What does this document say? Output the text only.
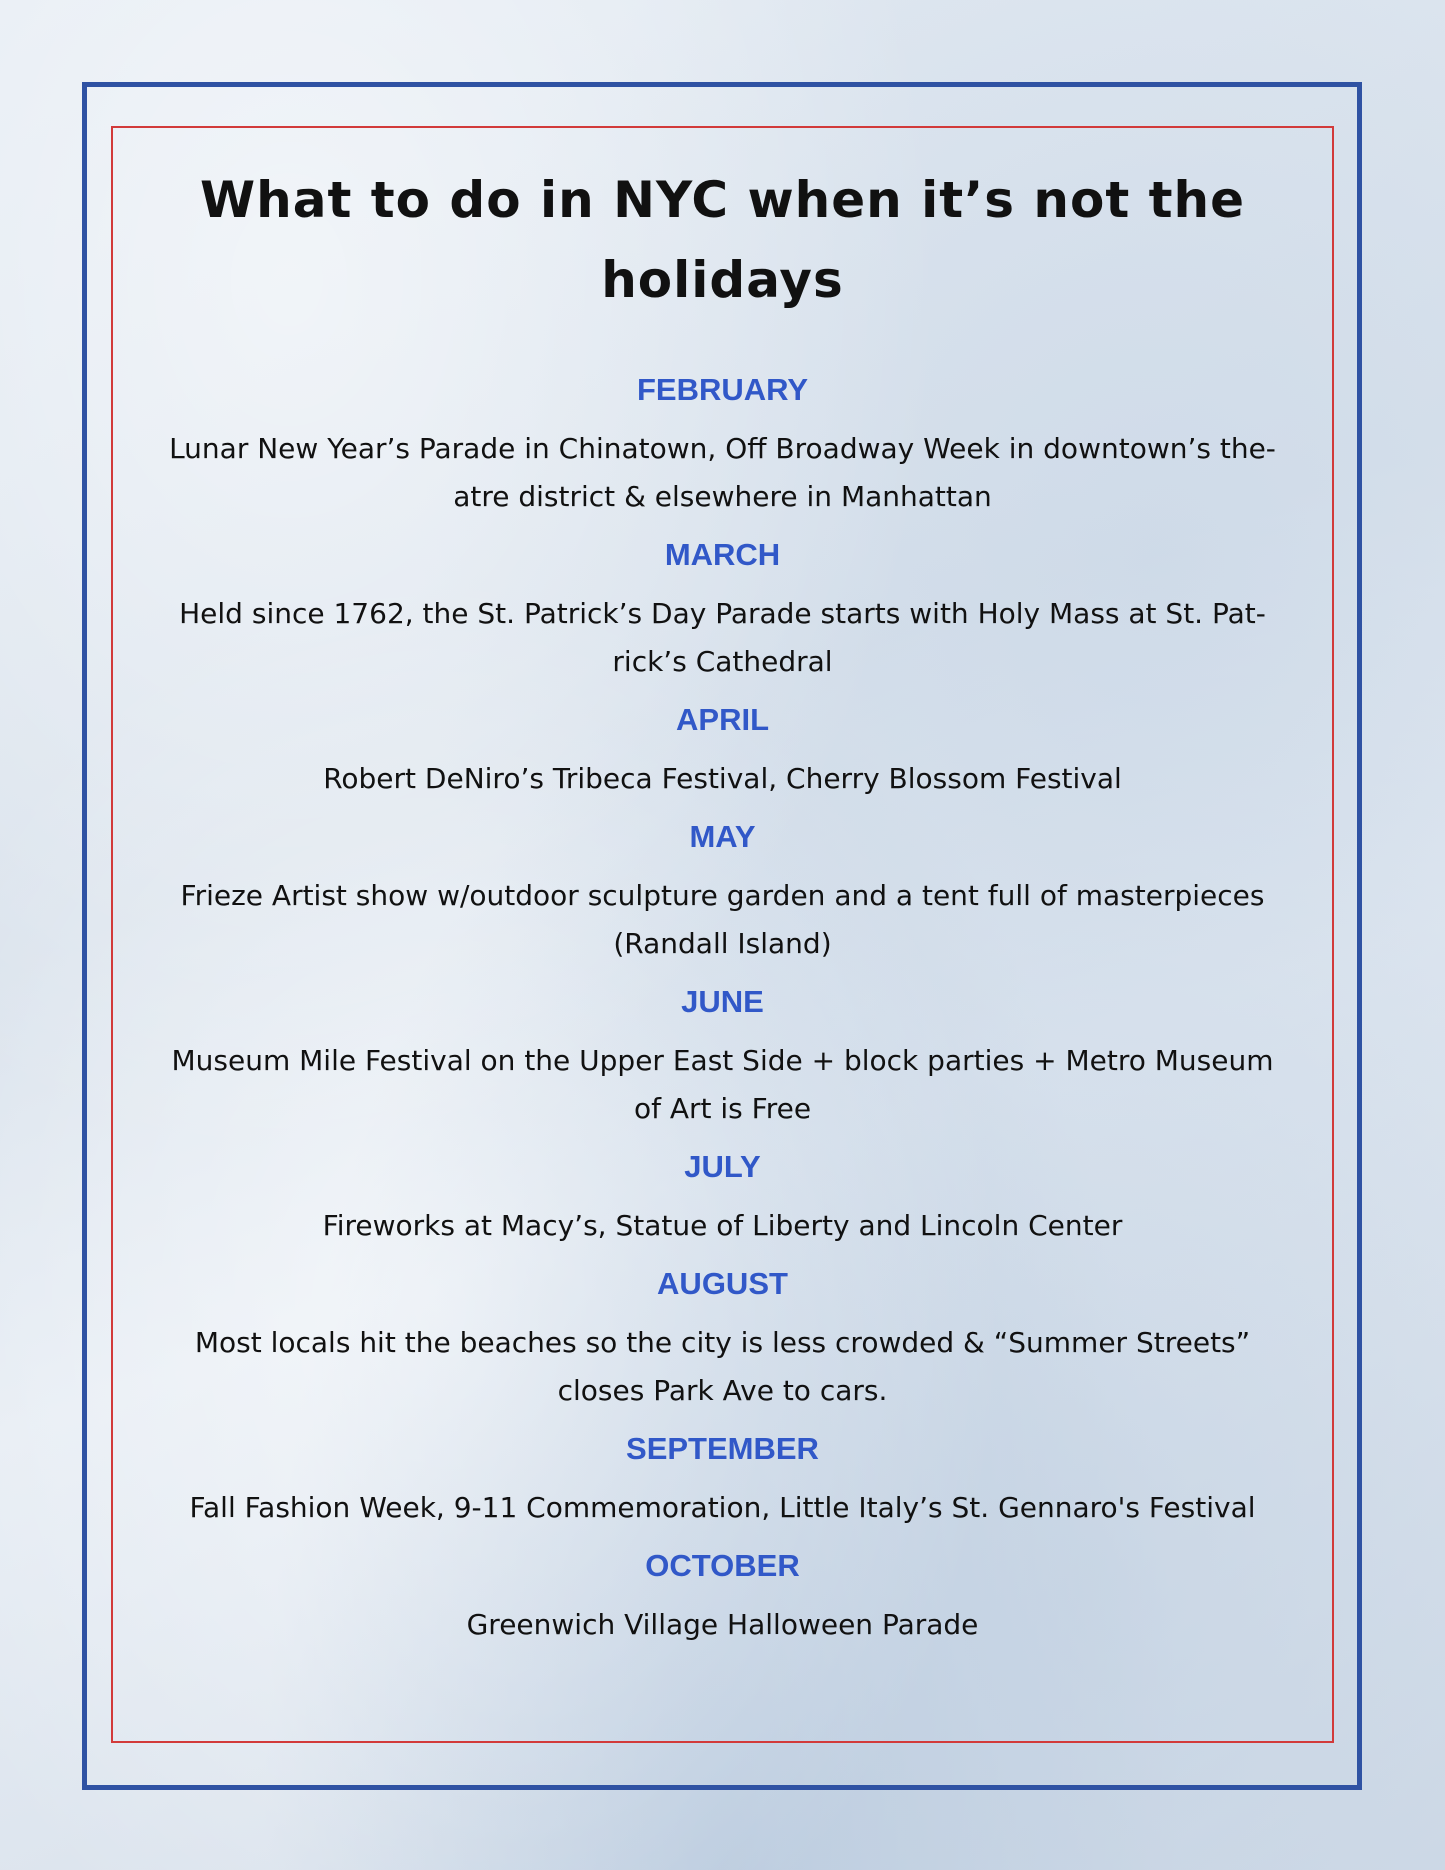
What to do in NYC when it’s not the holidays
FEBRUARY

Lunar New Year’s Parade in Chinatown, Off Broadway Week in downtown’s the-
atre district & elsewhere in Manhattan

MARCH

Held since 1762, the St. Patrick’s Day Parade starts with Holy Mass at St. Pat-
rick’s Cathedral

APRIL

Robert DeNiro’s Tribeca Festival, Cherry Blossom Festival

MAY

Frieze Artist show w/outdoor sculpture garden and a tent full of masterpieces
(Randall Island)

JUNE

Museum Mile Festival on the Upper East Side + block parties + Metro Museum
of Art is Free

JULY

Fireworks at Macy’s, Statue of Liberty and Lincoln Center

AUGUST

Most locals hit the beaches so the city is less crowded & “Summer Streets”
closes Park Ave to cars.

SEPTEMBER

Fall Fashion Week, 9-11 Commemoration, Little Italy’s St. Gennaro's Festival

OCTOBER

Greenwich Village Halloween Parade
